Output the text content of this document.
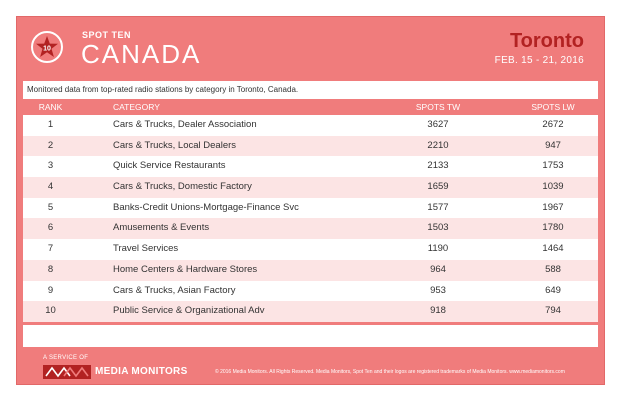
10
SPOT TEN
CANADA	Toronto
FEB. 15 - 21, 2016
Monitored data from top-rated radio stations by category in Toronto, Canada.
RANK	CATEGORY	SPOTS TW	SPOTS LW
1	Cars & Trucks, Dealer Association	3627	2672
2	Cars & Trucks, Local Dealers	2210	947
3	Quick Service Restaurants	2133	1753
4	Cars & Trucks, Domestic Factory	1659	1039
5	Banks-Credit Unions-Mortgage-Finance Svc	1577	1967
6	Amusements & Events	1503	1780
7	Travel Services	1190	1464
8	Home Centers & Hardware Stores	964	588
9	Cars & Trucks, Asian Factory	953	649
10	Public Service & Organizational Adv	918	794
A SERVICE OF
MEDIA MONITORS	© 2016 Media Monitors. All Rights Reserved. Media Monitors, Spot Ten and their logos are registered trademarks of Media Monitors. www.mediamonitors.com
